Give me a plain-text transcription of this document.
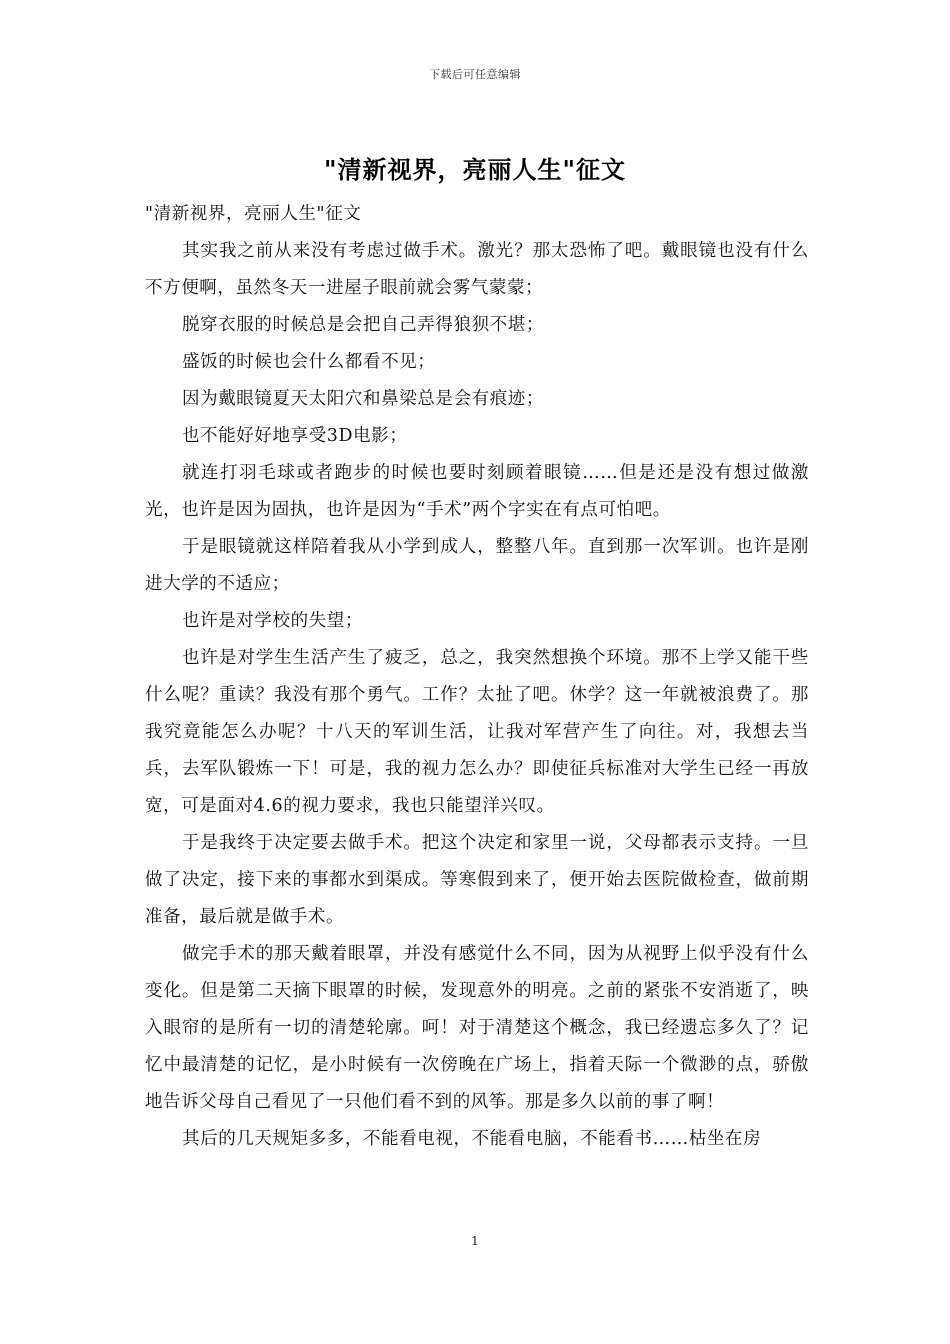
下载后可任意编辑
"清新视界，亮丽人生"征文

"清新视界，亮丽人生"征文

其实我之前从来没有考虑过做手术。激光？那太恐怖了吧。戴眼镜也没有什么不方便啊，虽然冬天一进屋子眼前就会雾气蒙蒙；

脱穿衣服的时候总是会把自己弄得狼狈不堪；

盛饭的时候也会什么都看不见；

因为戴眼镜夏天太阳穴和鼻梁总是会有痕迹；

也不能好好地享受3D电影；

就连打羽毛球或者跑步的时候也要时刻顾着眼镜……但是还是没有想过做激光，也许是因为固执，也许是因为“手术”两个字实在有点可怕吧。

于是眼镜就这样陪着我从小学到成人，整整八年。直到那一次军训。也许是刚进大学的不适应；

也许是对学校的失望；

也许是对学生生活产生了疲乏，总之，我突然想换个环境。那不上学又能干些什么呢？重读？我没有那个勇气。工作？太扯了吧。休学？这一年就被浪费了。那我究竟能怎么办呢？十八天的军训生活，让我对军营产生了向往。对，我想去当兵，去军队锻炼一下！可是，我的视力怎么办？即使征兵标准对大学生已经一再放宽，可是面对4.6的视力要求，我也只能望洋兴叹。

于是我终于决定要去做手术。把这个决定和家里一说，父母都表示支持。一旦做了决定，接下来的事都水到渠成。等寒假到来了，便开始去医院做检查，做前期准备，最后就是做手术。

做完手术的那天戴着眼罩，并没有感觉什么不同，因为从视野上似乎没有什么变化。但是第二天摘下眼罩的时候，发现意外的明亮。之前的紧张不安消逝了，映入眼帘的是所有一切的清楚轮廓。呵！对于清楚这个概念，我已经遗忘多久了？记忆中最清楚的记忆，是小时候有一次傍晚在广场上，指着天际一个微渺的点，骄傲地告诉父母自己看见了一只他们看不到的风筝。那是多久以前的事了啊！

其后的几天规矩多多，不能看电视，不能看电脑，不能看书……枯坐在房

1
